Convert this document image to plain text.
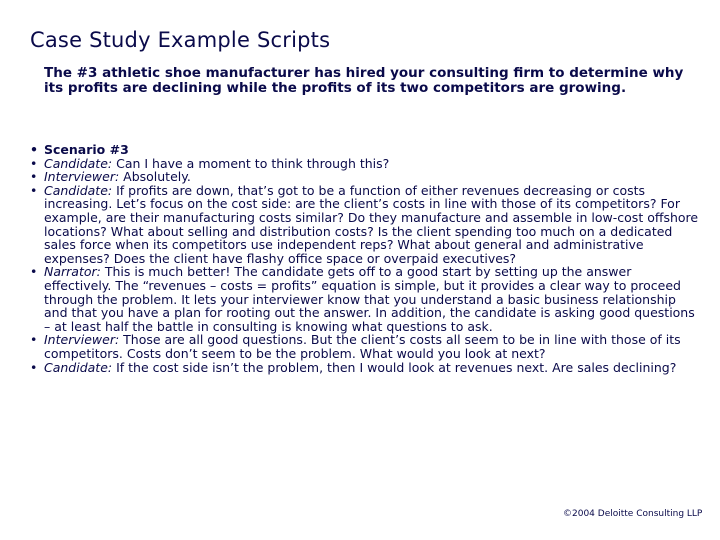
Case Study Example Scripts
The #3 athletic shoe manufacturer has hired your consulting firm to determine why its profits are declining while the profits of its two competitors are growing.
• Scenario #3
• Candidate: Can I have a moment to think through this?
• Interviewer: Absolutely.
• Candidate: If profits are down, that’s got to be a function of either revenues decreasing or costs increasing. Let’s focus on the cost side: are the client’s costs in line with those of its competitors? For example, are their manufacturing costs similar? Do they manufacture and assemble in low-cost offshore locations? What about selling and distribution costs? Is the client spending too much on a dedicated sales force when its competitors use independent reps? What about general and administrative expenses? Does the client have flashy office space or overpaid executives?
• Narrator: This is much better! The candidate gets off to a good start by setting up the answer effectively. The “revenues – costs = profits” equation is simple, but it provides a clear way to proceed through the problem. It lets your interviewer know that you understand a basic business relationship and that you have a plan for rooting out the answer. In addition, the candidate is asking good questions – at least half the battle in consulting is knowing what questions to ask.
• Interviewer: Those are all good questions. But the client’s costs all seem to be in line with those of its competitors. Costs don’t seem to be the problem. What would you look at next?
• Candidate: If the cost side isn’t the problem, then I would look at revenues next. Are sales declining?
©2004 Deloitte Consulting LLP
